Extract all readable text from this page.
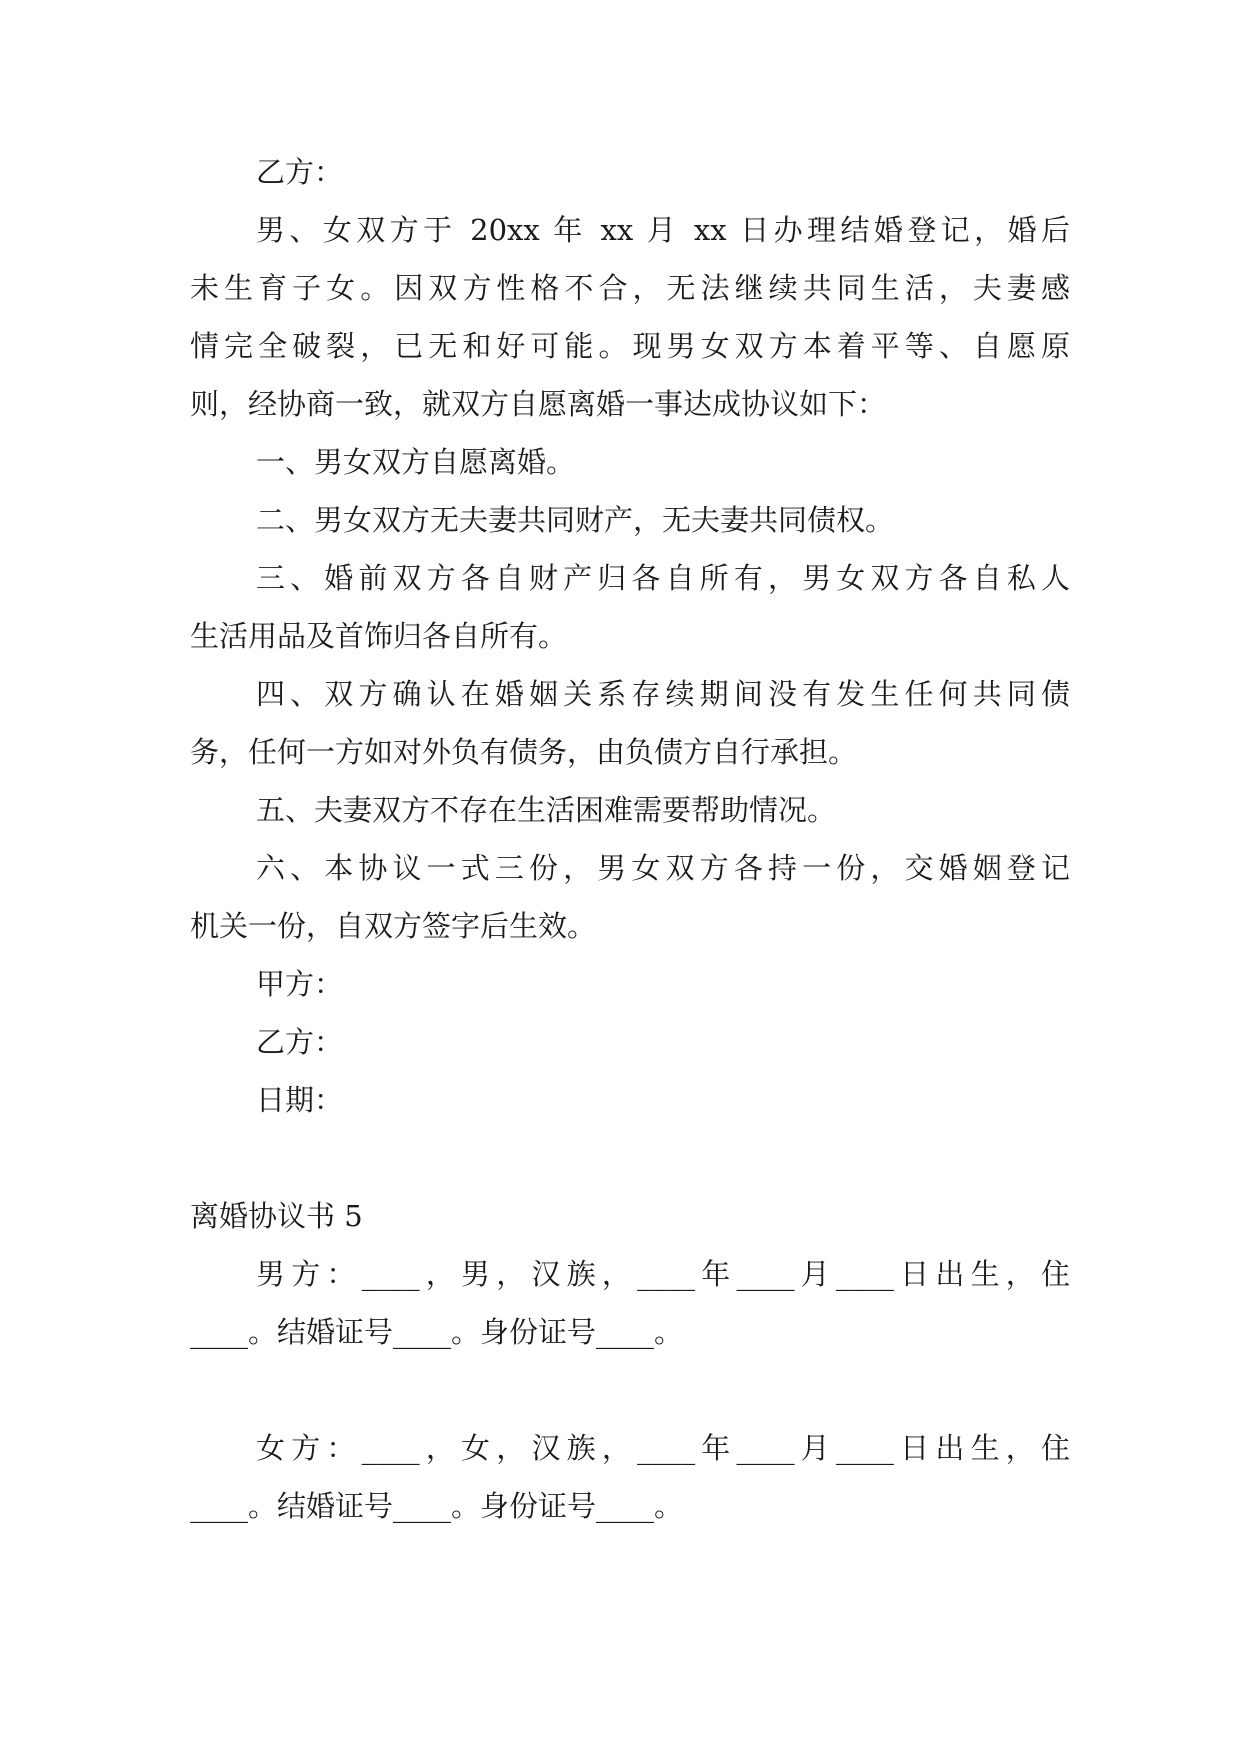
乙方：
男、女双方于 20xx 年 xx 月 xx 日办理结婚登记，婚后
未生育子女。因双方性格不合，无法继续共同生活，夫妻感
情完全破裂，已无和好可能。现男女双方本着平等、自愿原
则，经协商一致，就双方自愿离婚一事达成协议如下：
一、男女双方自愿离婚。
二、男女双方无夫妻共同财产，无夫妻共同债权。
三、婚前双方各自财产归各自所有，男女双方各自私人
生活用品及首饰归各自所有。
四、双方确认在婚姻关系存续期间没有发生任何共同债
务，任何一方如对外负有债务，由负债方自行承担。
五、夫妻双方不存在生活困难需要帮助情况。
六、本协议一式三份，男女双方各持一份，交婚姻登记
机关一份，自双方签字后生效。
甲方：
乙方：
日期：
离婚协议书 5
男方：____，男，汉族，____年____月____日出生，住
____。结婚证号____。身份证号____。
女方：____，女，汉族，____年____月____日出生，住
____。结婚证号____。身份证号____。
